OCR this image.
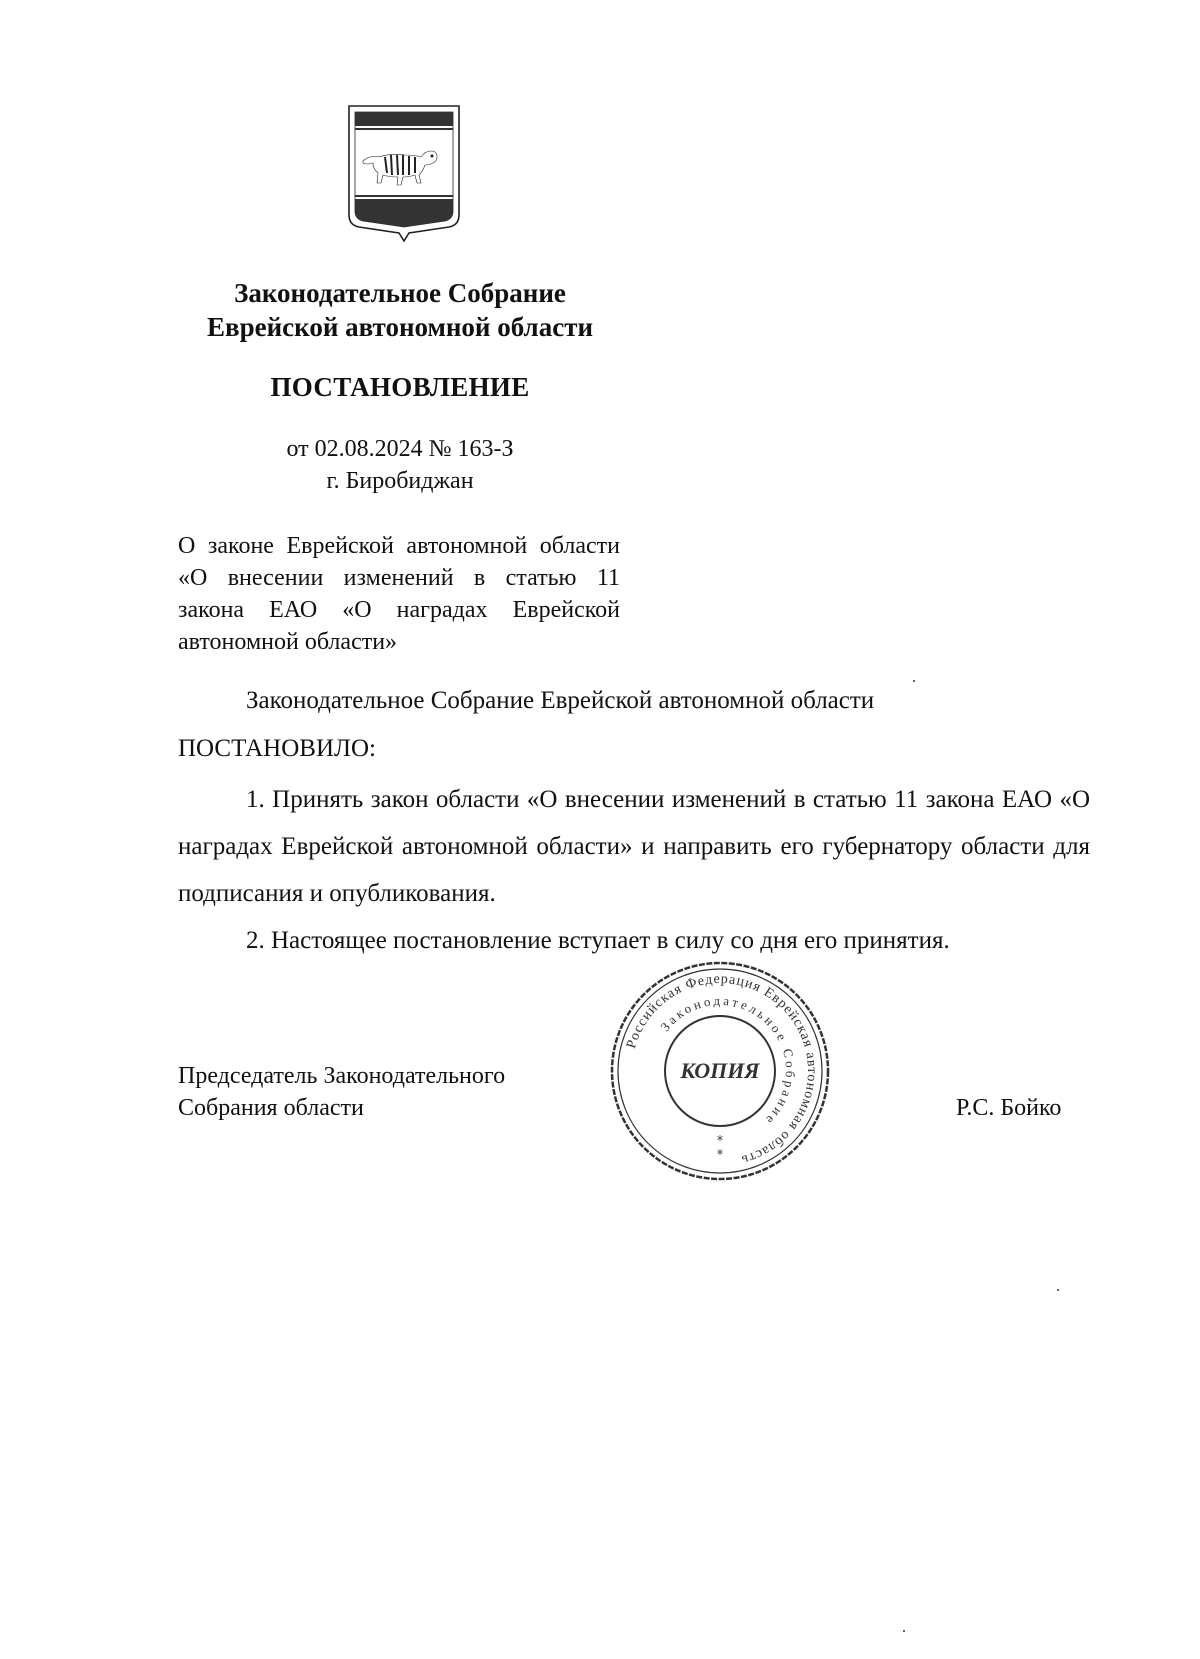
Законодательное Собрание
Еврейской автономной области
ПОСТАНОВЛЕНИЕ
от 02.08.2024 № 163-З
г. Биробиджан
О законе Еврейской автономной области «О внесении изменений в статью 11 закона ЕАО «О наградах Еврейской автономной области»
Законодательное Собрание Еврейской автономной области
ПОСТАНОВИЛО:

1. Принять закон области «О внесении изменений в статью 11 закона ЕАО «О наградах Еврейской автономной области» и направить его губернатору области для подписания и опубликования.

2. Настоящее постановление вступает в силу со дня его принятия.

Председатель Законодательного
Собрания области
Российская Федерация Еврейская автономная область
Законодательное Собрание
КОПИЯ
*
*
Р.С. Бойко
